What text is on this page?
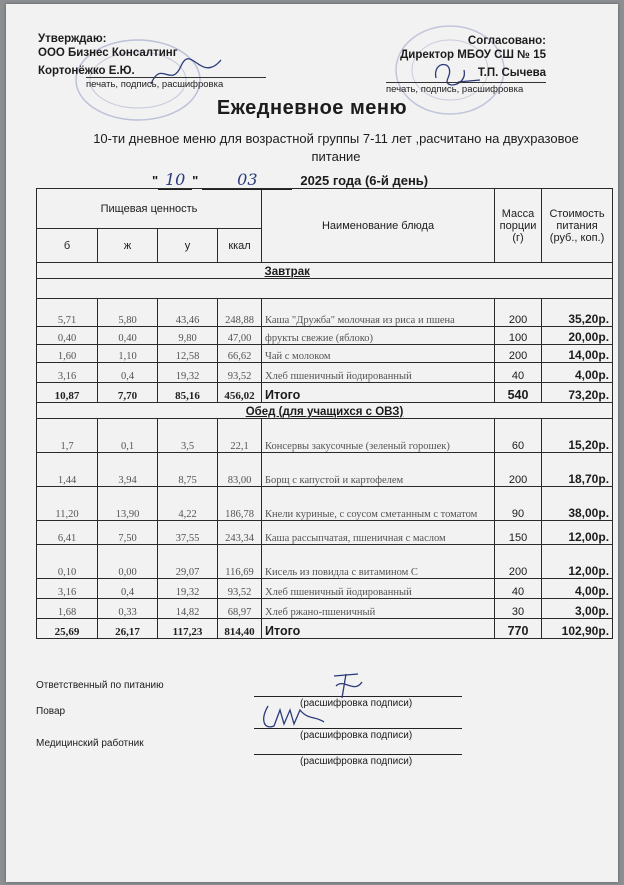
Утверждаю:
ООО Бизнес Консалтинг
Кортонёжко Е.Ю.
печать, подпись, расшифровка
Согласовано:
Директор МБОУ СШ № 15
Т.П. Сычева
печать, подпись, расшифровка
Ежедневное меню
10-ти дневное меню для возрастной группы 7-11 лет ,расчитано на двухразовое питание
" 10 " 03	2025 года (6-й день)
Пищевая ценность				Наименование блюда	Масса порции (г)	Стоимость питания (руб., коп.)
б	ж	у	ккал			
				Завтрак		

5,71	5,80	43,46	248,88	Каша "Дружба" молочная из риса и пшена	200	35,20р.
0,40	0,40	9,80	47,00	фрукты свежие (яблоко)	100	20,00р.
1,60	1,10	12,58	66,62	Чай с молоком	200	14,00р.
3,16	0,4	19,32	93,52	Хлеб пшеничный йодированный	40	4,00р.
10,87	7,70	85,16	456,02	Итого	540	73,20р.
Обед (для учащихся с ОВЗ)						
1,7	0,1	3,5	22,1	Консервы закусочные (зеленый горошек)	60	15,20р.
1,44	3,94	8,75	83,00	Борщ с капустой и картофелем	200	18,70р.
11,20	13,90	4,22	186,78	Кнели куриные, с соусом сметанным с томатом	90	38,00р.
6,41	7,50	37,55	243,34	Каша рассыпчатая, пшеничная с маслом	150	12,00р.
0,10	0,00	29,07	116,69	Кисель из повидла с витамином С	200	12,00р.
3,16	0,4	19,32	93,52	Хлеб пшеничный йодированный	40	4,00р.
1,68	0,33	14,82	68,97	Хлеб ржано-пшеничный	30	3,00р.
25,69	26,17	117,23	814,40	Итого	770	102,90р.
Ответственный по питанию
(расшифровка подписи)
Повар
(расшифровка подписи)
Медицинский работник
(расшифровка подписи)
